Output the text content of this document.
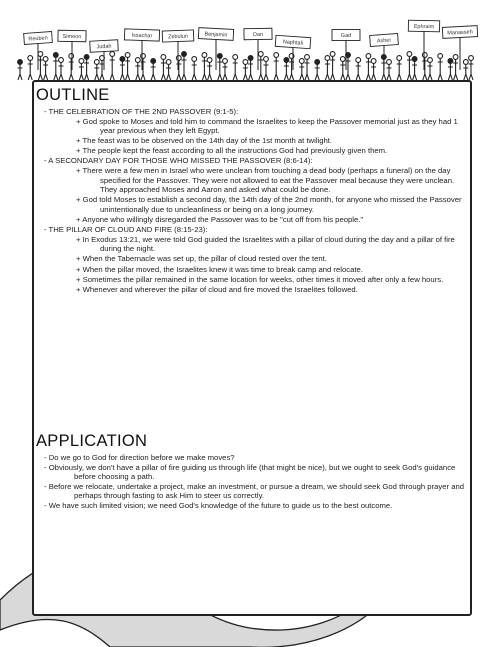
Reuben	Simeon
Judah
Issachar	Zebulun	Benjamin	Dan
Naphtali
Gad
Asher
Ephraim
Manasseh
OUTLINE

- THE CELEBRATION OF THE 2ND PASSOVER (9:1-5):

+ God spoke to Moses and told him to command the Israelites to keep the Passover memorial just as they had 1 year previous when they left Egypt.

+ The feast was to be observed on the 14th day of the 1st month at twilight.

+ The people kept the feast according to all the instructions God had previously given them.

- A SECONDARY DAY FOR THOSE WHO MISSED THE PASSOVER (8:6-14):

+ There were a few men in Israel who were unclean from touching a dead body (perhaps a funeral) on the day specified for the Passover. They were not allowed to eat the Passover meal because they were unclean. They approached Moses and Aaron and asked what could be done.

+ God told Moses to establish a second day, the 14th day of the 2nd month, for anyone who missed the Passover unintentionally due to uncleanliness or being on a long journey.

+ Anyone who willingly disregarded the Passover was to be "cut off from his people."

- THE PILLAR OF CLOUD AND FIRE (8:15-23):

+ In Exodus 13:21, we were told God guided the Israelites with a pillar of cloud during the day and a pillar of fire during the night.

+ When the Tabernacle was set up, the pillar of cloud rested over the tent.

+ When the pillar moved, the Israelites knew it was time to break camp and relocate.

+ Sometimes the pillar remained in the same location for weeks, other times it moved after only a few hours.

+ Whenever and wherever the pillar of cloud and fire moved the Israelites followed.

APPLICATION

- Do we go to God for direction before we make moves?

- Obviously, we don't have a pillar of fire guiding us through life (that might be nice), but we ought to seek God's guidance before choosing a path.

- Before we relocate, undertake a project, make an investment, or pursue a dream, we should seek God through prayer and perhaps through fasting to ask Him to steer us correctly.

- We have such limited vision; we need God's knowledge of the future to guide us to the best outcome.
